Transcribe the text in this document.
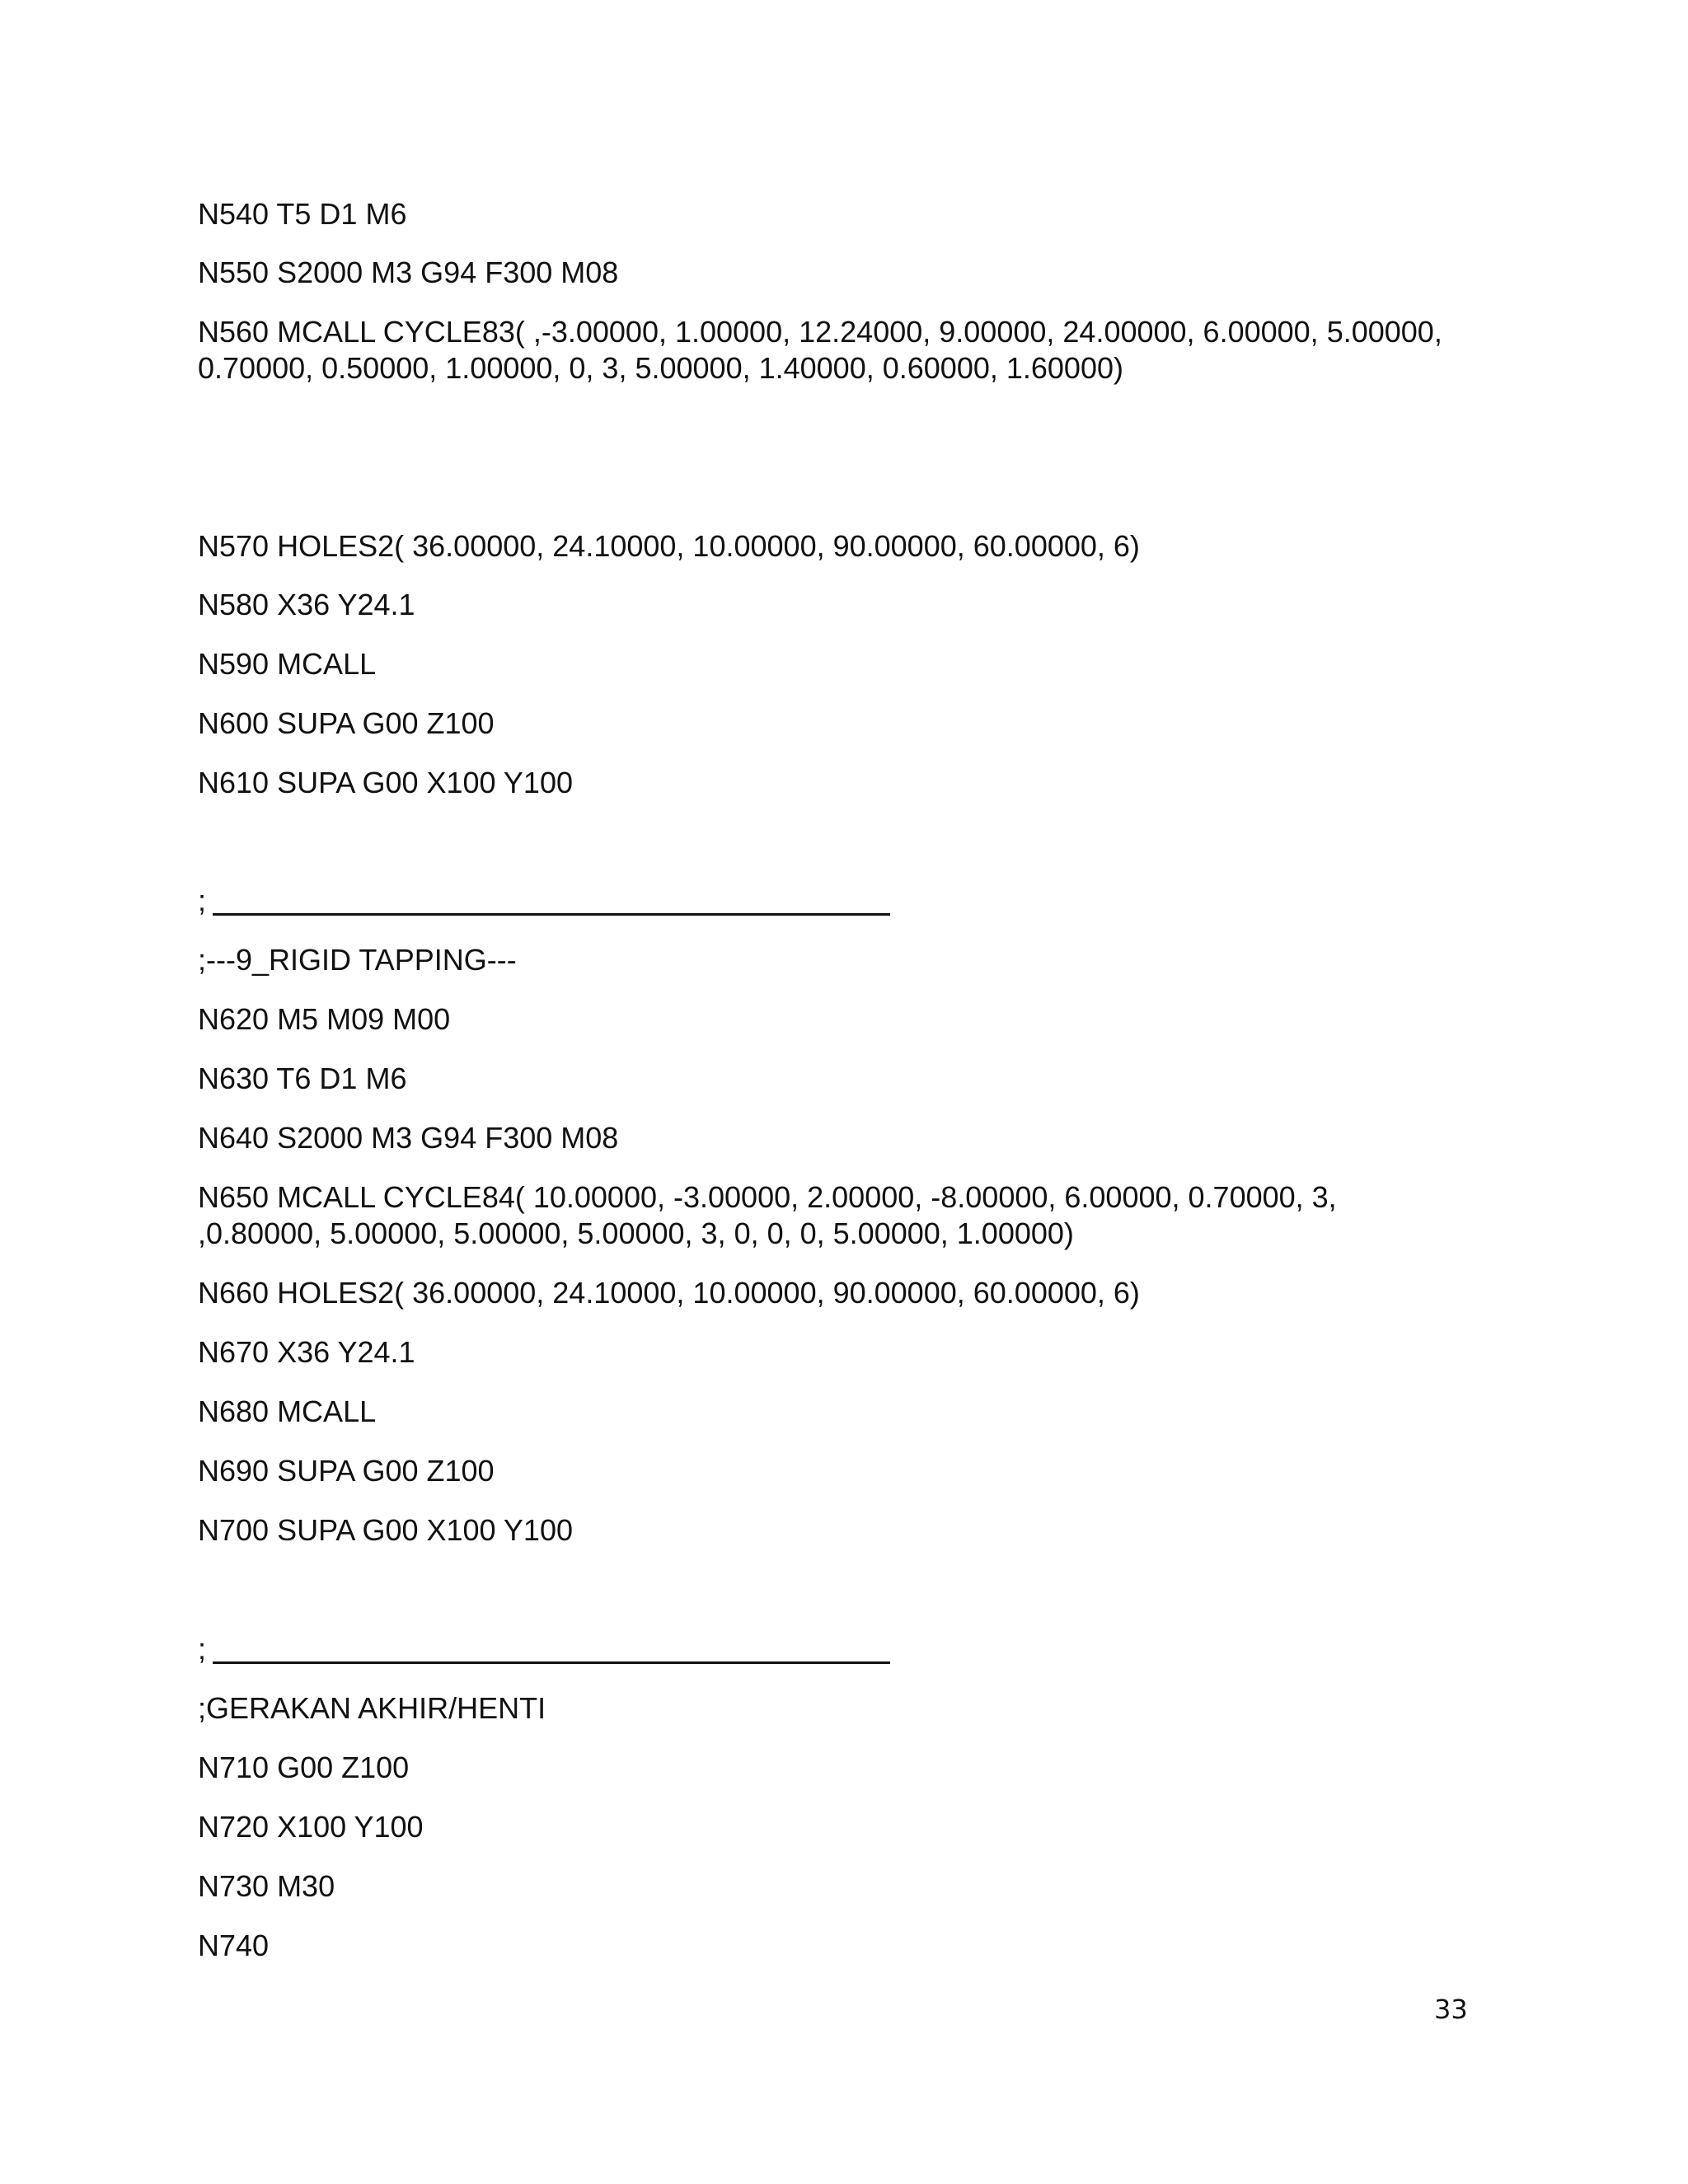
N540 T5 D1 M6

N550 S2000 M3 G94 F300 M08

N560 MCALL CYCLE83( ,-3.00000, 1.00000, 12.24000, 9.00000, 24.00000, 6.00000, 5.00000,

0.70000, 0.50000, 1.00000, 0, 3, 5.00000, 1.40000, 0.60000, 1.60000)

N570 HOLES2( 36.00000, 24.10000, 10.00000, 90.00000, 60.00000, 6)

N580 X36 Y24.1

N590 MCALL

N600 SUPA G00 Z100

N610 SUPA G00 X100 Y100

;

;---9_RIGID TAPPING---

N620 M5 M09 M00

N630 T6 D1 M6

N640 S2000 M3 G94 F300 M08

N650 MCALL CYCLE84( 10.00000, -3.00000, 2.00000, -8.00000, 6.00000, 0.70000, 3,

,0.80000, 5.00000, 5.00000, 5.00000, 3, 0, 0, 0, 5.00000, 1.00000)

N660 HOLES2( 36.00000, 24.10000, 10.00000, 90.00000, 60.00000, 6)

N670 X36 Y24.1

N680 MCALL

N690 SUPA G00 Z100

N700 SUPA G00 X100 Y100

;

;GERAKAN AKHIR/HENTI

N710 G00 Z100

N720 X100 Y100

N730 M30

N740

33
